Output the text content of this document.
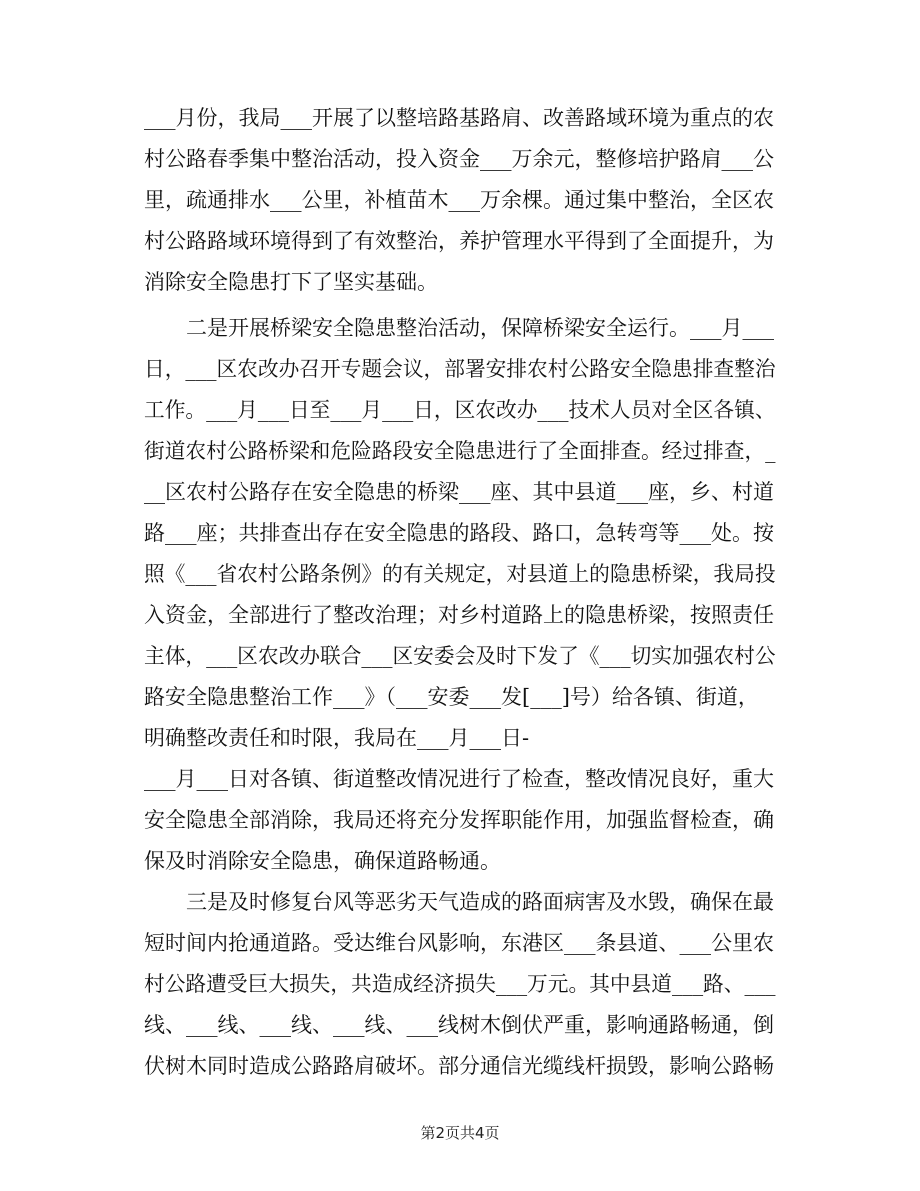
___月份，我局___开展了以整培路基路肩、改善路域环境为重点的农
村公路春季集中整治活动，投入资金___万余元，整修培护路肩___公
里，疏通排水___公里，补植苗木___万余棵。通过集中整治，全区农
村公路路域环境得到了有效整治，养护管理水平得到了全面提升，为
消除安全隐患打下了坚实基础。
二是开展桥梁安全隐患整治活动，保障桥梁安全运行。___月___
日，___区农改办召开专题会议，部署安排农村公路安全隐患排查整治
工作。___月___日至___月___日，区农改办___技术人员对全区各镇、
街道农村公路桥梁和危险路段安全隐患进行了全面排查。经过排查，_
__区农村公路存在安全隐患的桥梁___座、其中县道___座，乡、村道
路___座；共排查出存在安全隐患的路段、路口，急转弯等___处。按
照《___省农村公路条例》的有关规定，对县道上的隐患桥梁，我局投
入资金，全部进行了整改治理；对乡村道路上的隐患桥梁，按照责任
主体，___区农改办联合___区安委会及时下发了《___切实加强农村公
路安全隐患整治工作___》（___安委___发[___]号）给各镇、街道，
明确整改责任和时限，我局在___月___日-
___月___日对各镇、街道整改情况进行了检查，整改情况良好，重大
安全隐患全部消除，我局还将充分发挥职能作用，加强监督检查，确
保及时消除安全隐患，确保道路畅通。
三是及时修复台风等恶劣天气造成的路面病害及水毁，确保在最
短时间内抢通道路。受达维台风影响，东港区___条县道、___公里农
村公路遭受巨大损失，共造成经济损失___万元。其中县道___路、___
线、___线、___线、___线、___线树木倒伏严重，影响通路畅通，倒
伏树木同时造成公路路肩破坏。部分通信光缆线杆损毁，影响公路畅
第2页共4页
